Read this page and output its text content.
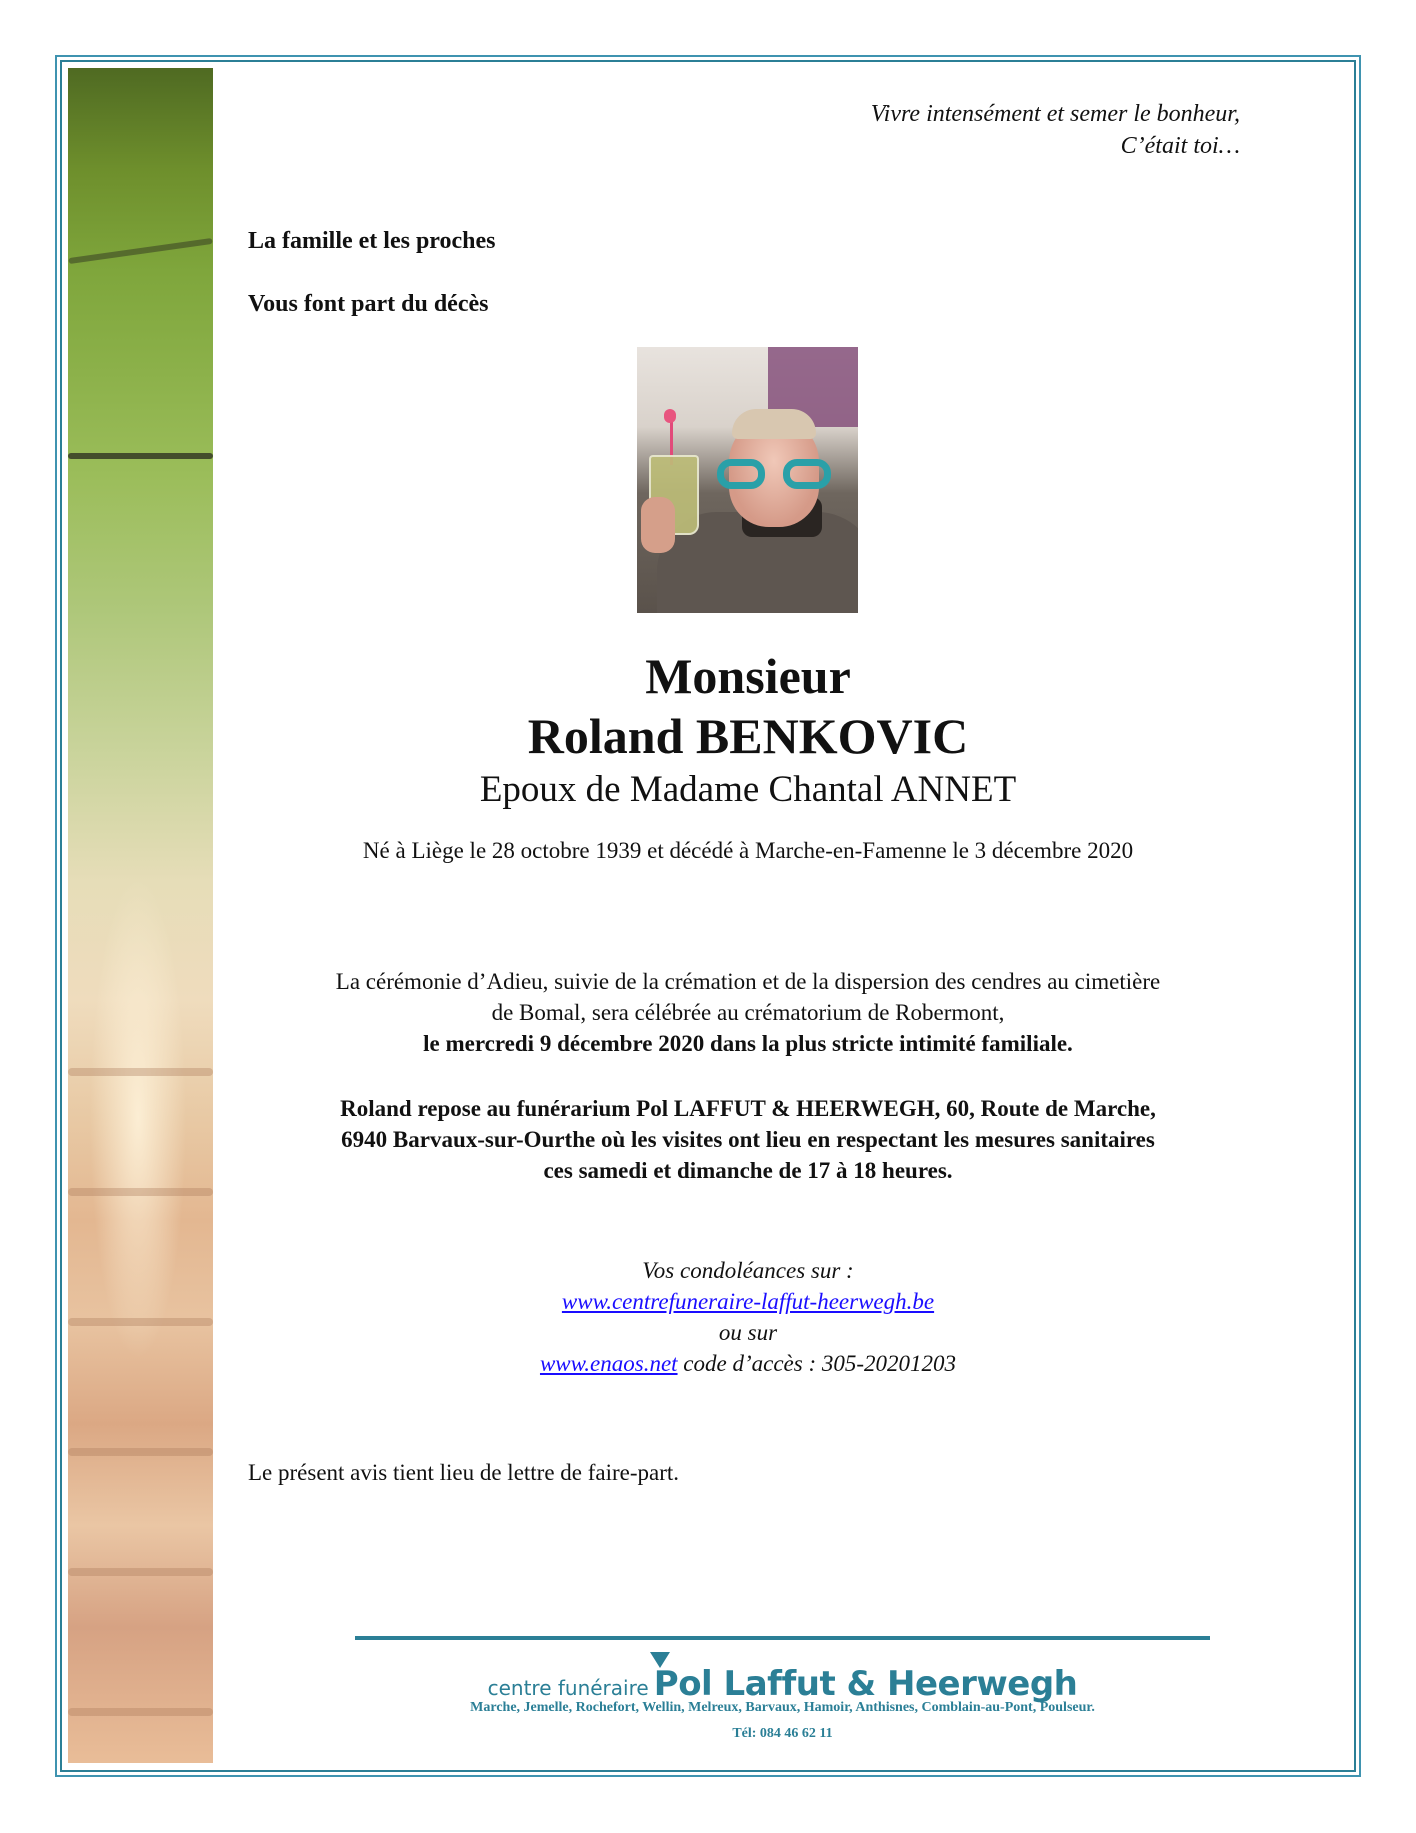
Vivre intensément et semer le bonheur,
C’était toi…
La famille et les proches
Vous font part du décès
Monsieur
Roland BENKOVIC
Epoux de Madame Chantal ANNET
Né à Liège le 28 octobre 1939 et décédé à Marche-en-Famenne le 3 décembre 2020
La cérémonie d’Adieu, suivie de la crémation et de la dispersion des cendres au cimetière
de Bomal, sera célébrée au crématorium de Robermont,
le mercredi 9 décembre 2020 dans la plus stricte intimité familiale.
Roland repose au funérarium Pol LAFFUT & HEERWEGH, 60, Route de Marche,
6940 Barvaux-sur-Ourthe où les visites ont lieu en respectant les mesures sanitaires
ces samedi et dimanche de 17 à 18 heures.
Vos condoléances sur :
www.centrefuneraire-laffut-heerwegh.be
ou sur
www.enaos.net code d’accès : 305-20201203
Le présent avis tient lieu de lettre de faire-part.
centre funéraire Pol Laffut & Heerwegh
Marche, Jemelle, Rochefort, Wellin, Melreux, Barvaux, Hamoir, Anthisnes, Comblain-au-Pont, Poulseur.
Tél: 084 46 62 11
